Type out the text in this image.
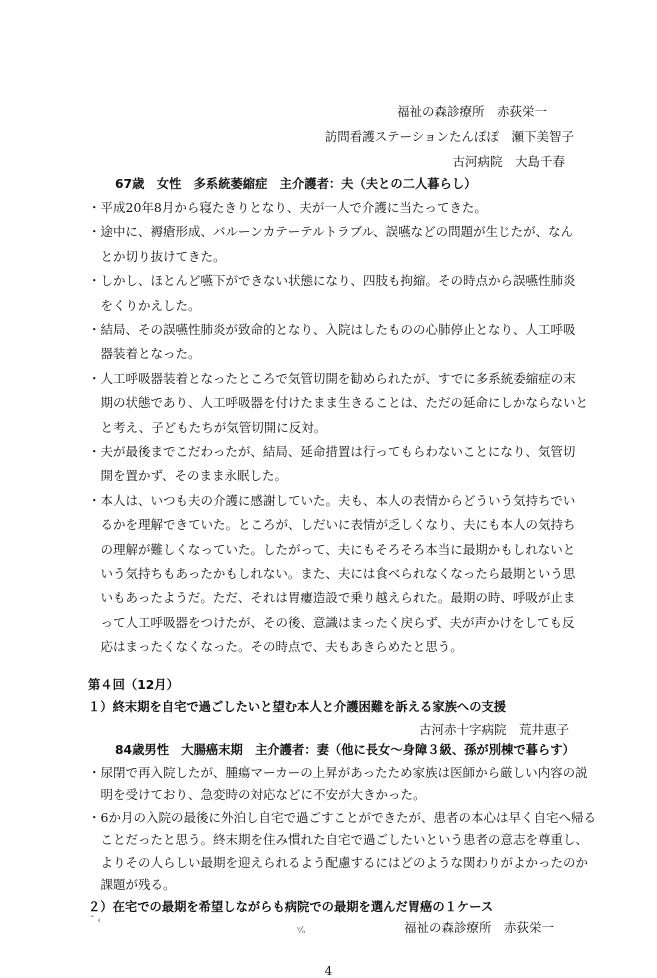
福祉の森診療所　赤荻栄一
訪問看護ステーションたんぽぽ　瀬下美智子
古河病院　大島千春
67歳　女性　多系統萎縮症　主介護者：夫（夫との二人暮らし）
・平成20年8月から寝たきりとなり、夫が一人で介護に当たってきた。
・途中に、褥瘡形成、バルーンカテーテルトラブル、誤嚥などの問題が生じたが、なん
　とか切り抜けてきた。
・しかし、ほとんど嚥下ができない状態になり、四肢も拘縮。その時点から誤嚥性肺炎
　をくりかえした。
・結局、その誤嚥性肺炎が致命的となり、入院はしたものの心肺停止となり、人工呼吸
　器装着となった。
・人工呼吸器装着となったところで気管切開を勧められたが、すでに多系統委縮症の末
　期の状態であり、人工呼吸器を付けたまま生きることは、ただの延命にしかならないと
　と考え、子どもたちが気管切開に反対。
・夫が最後までこだわったが、結局、延命措置は行ってもらわないことになり、気管切
　開を置かず、そのまま永眠した。
・本人は、いつも夫の介護に感謝していた。夫も、本人の表情からどういう気持ちでい
　るかを理解できていた。ところが、しだいに表情が乏しくなり、夫にも本人の気持ち
　の理解が難しくなっていた。したがって、夫にもそろそろ本当に最期かもしれないと
　いう気持ちもあったかもしれない。また、夫には食べられなくなったら最期という思
　いもあったようだ。ただ、それは胃瘻造設で乗り越えられた。最期の時、呼吸が止ま
　って人工呼吸器をつけたが、その後、意識はまったく戻らず、夫が声かけをしても反
　応はまったくなくなった。その時点で、夫もあきらめたと思う。
第４回（12月）
１）終末期を自宅で過ごしたいと望む本人と介護困難を訴える家族への支援
古河赤十字病院　荒井恵子
84歳男性　大腸癌末期　主介護者：妻（他に長女～身障３級、孫が別棟で暮らす）
・尿閉で再入院したが、腫瘍マーカーの上昇があったため家族は医師から厳しい内容の説
　明を受けており、急変時の対応などに不安が大きかった。
・6か月の入院の最後に外泊し自宅で過ごすことができたが、患者の本心は早く自宅へ帰る
　ことだったと思う。終末期を住み慣れた自宅で過ごしたいという患者の意志を尊重し、
　よりその人らしい最期を迎えられるよう配慮するにはどのような関わりがよかったのか
　課題が残る。
２）在宅での最期を希望しながらも病院での最期を選んだ胃癌の１ケース
福祉の森診療所　赤荻栄一
ˇ ‹
ᵛ⁄ₒ
4
